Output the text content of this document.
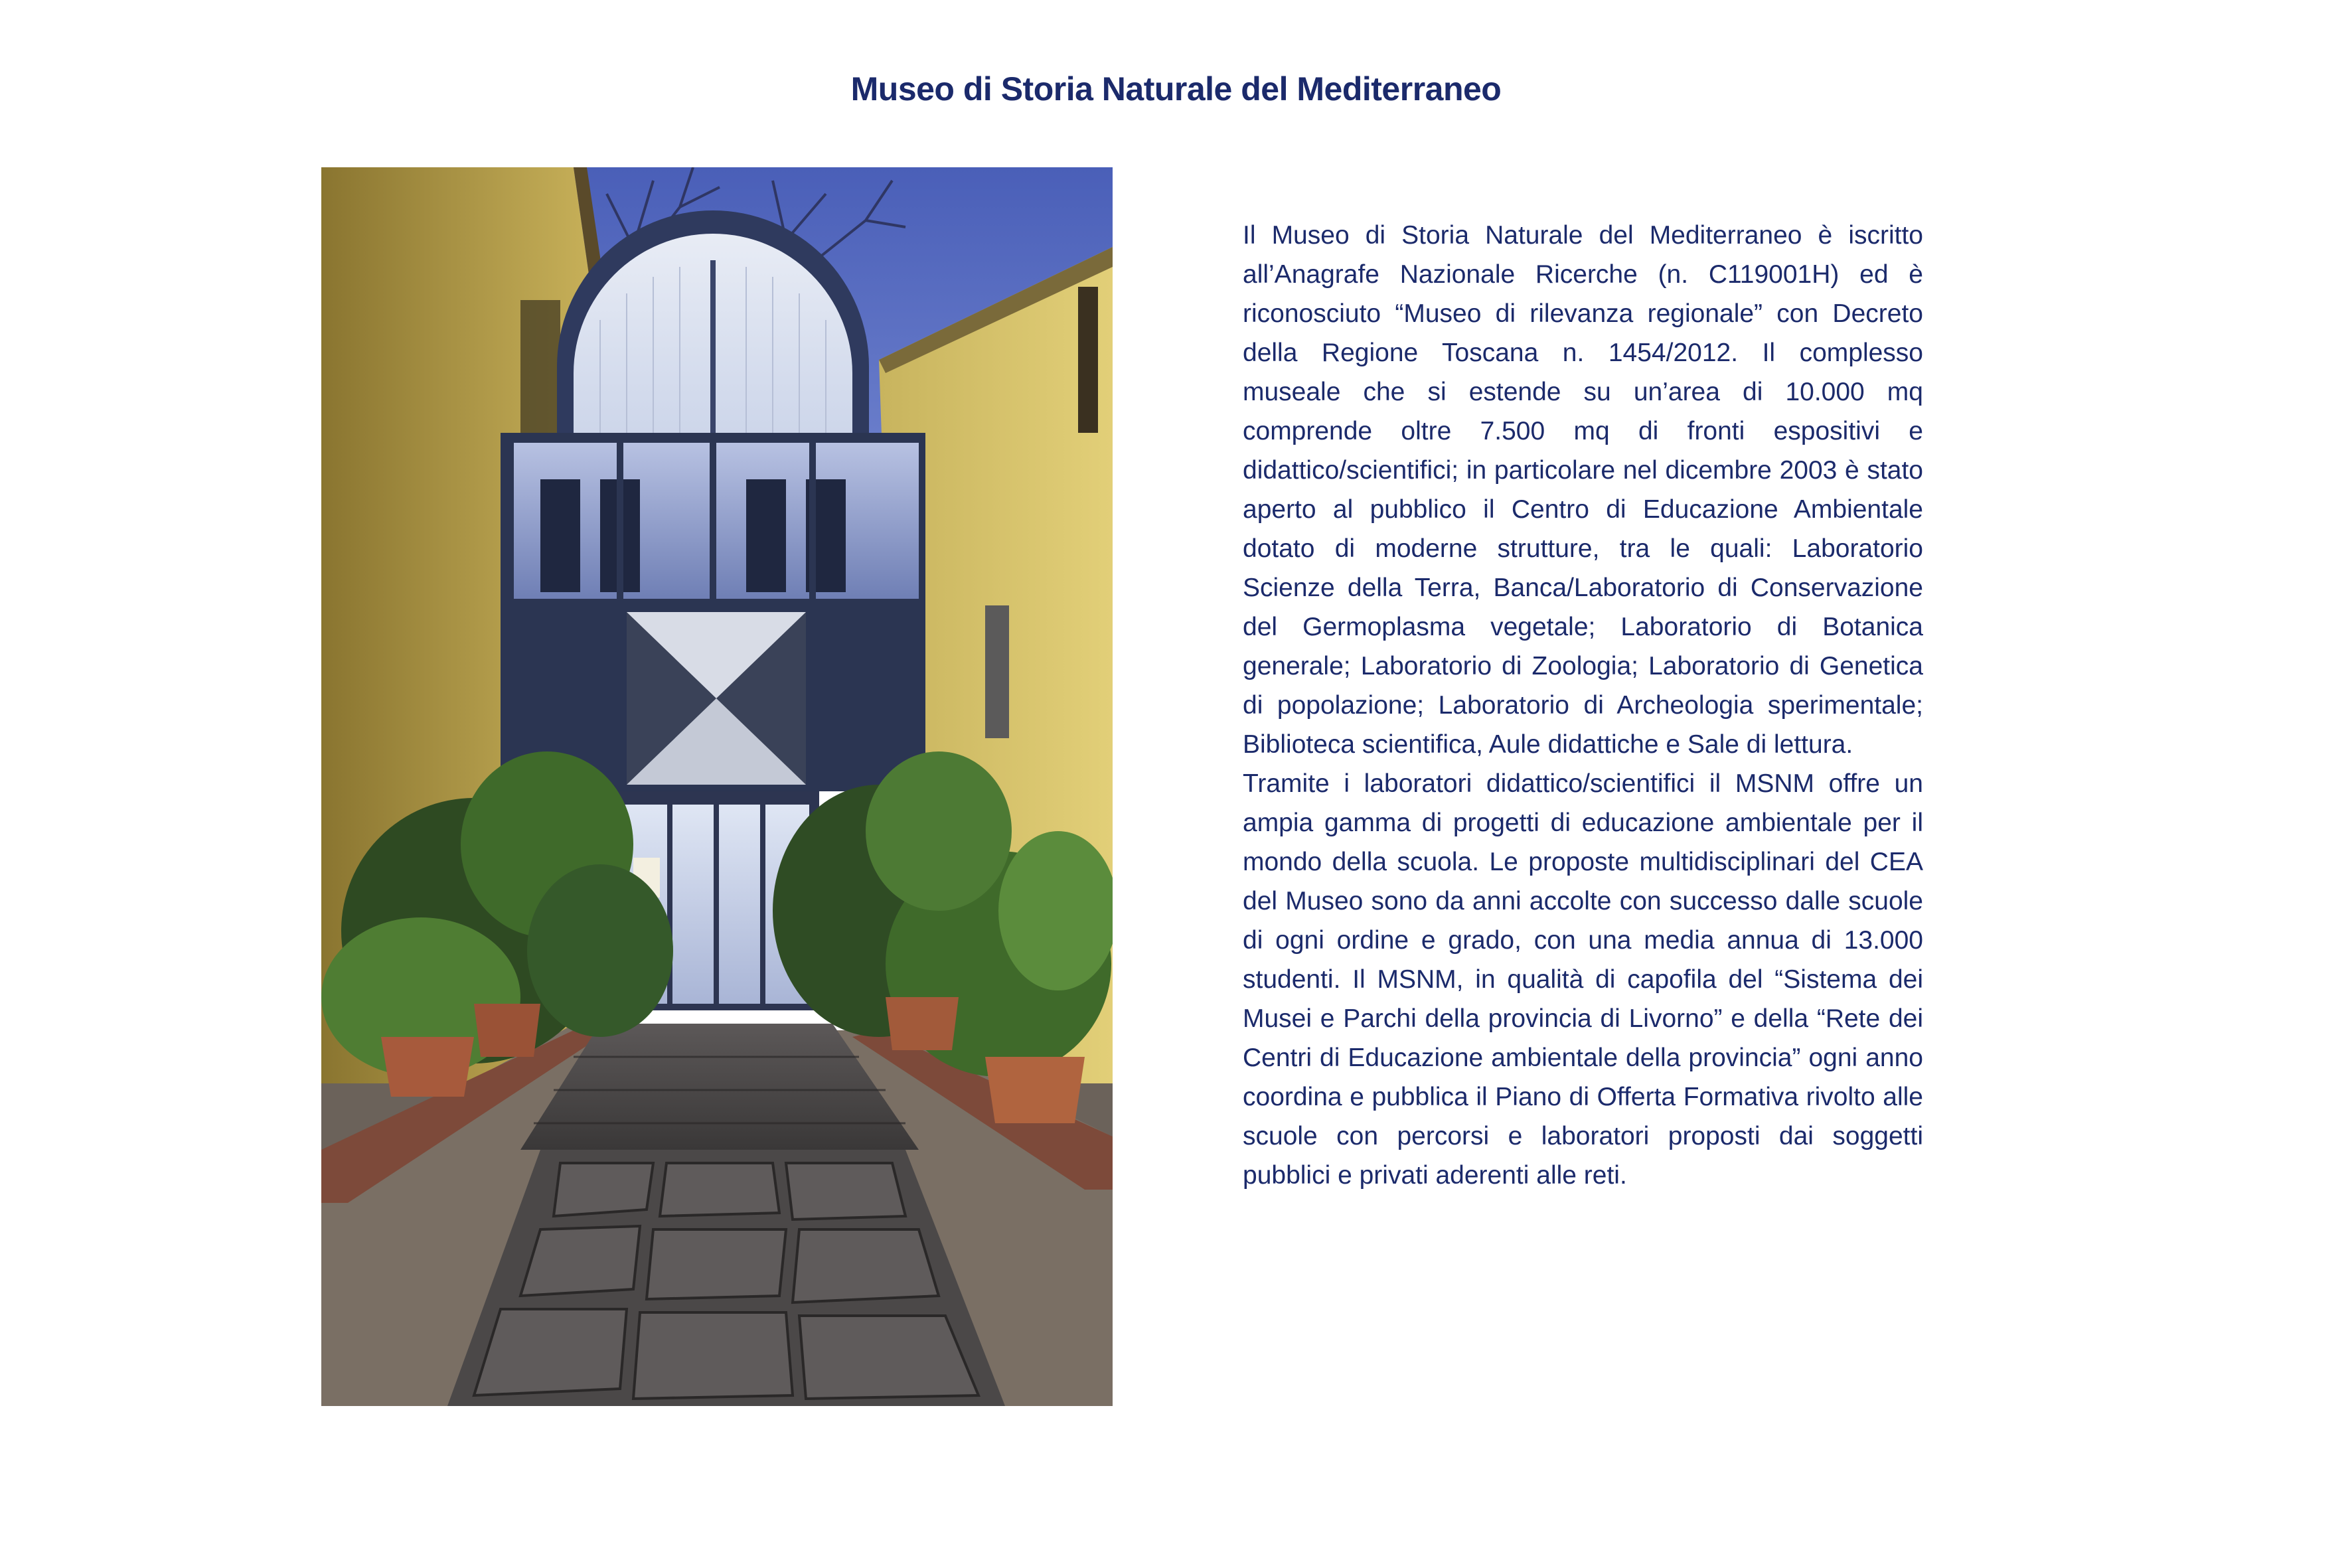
Museo di Storia Naturale del Mediterraneo

Il Museo di Storia Naturale del Mediterraneo è iscritto all’Anagrafe Nazionale Ricerche (n. C119001H) ed è riconosciuto “Museo di rilevanza regionale” con Decreto della Regione Toscana n. 1454/2012. Il complesso museale che si estende su un’area di 10.000 mq comprende oltre 7.500 mq di fronti espositivi e didattico/scientifici; in particolare nel dicembre 2003 è stato aperto al pubblico il Centro di Educazione Ambientale dotato di moderne strutture, tra le quali: Laboratorio Scienze della Terra, Banca/Laboratorio di Conservazione del Germoplasma vegetale; Laboratorio di Botanica generale; Laboratorio di Zoologia; Laboratorio di Genetica di popolazione; Laboratorio di Archeologia sperimentale; Biblioteca scientifica, Aule didattiche e Sale di lettura.

Tramite i laboratori didattico/scientifici il MSNM offre un ampia gamma di progetti di educazione ambientale per il mondo della scuola. Le proposte multidisciplinari del CEA del Museo sono da anni accolte con successo dalle scuole di ogni ordine e grado, con una media annua di 13.000 studenti. Il MSNM, in qualità di capofila del “Sistema dei Musei e Parchi della provincia di Livorno” e della “Rete dei Centri di Educazione ambientale della provincia” ogni anno coordina e pubblica il Piano di Offerta Formativa rivolto alle scuole con percorsi e laboratori proposti dai soggetti pubblici e privati aderenti alle reti.
